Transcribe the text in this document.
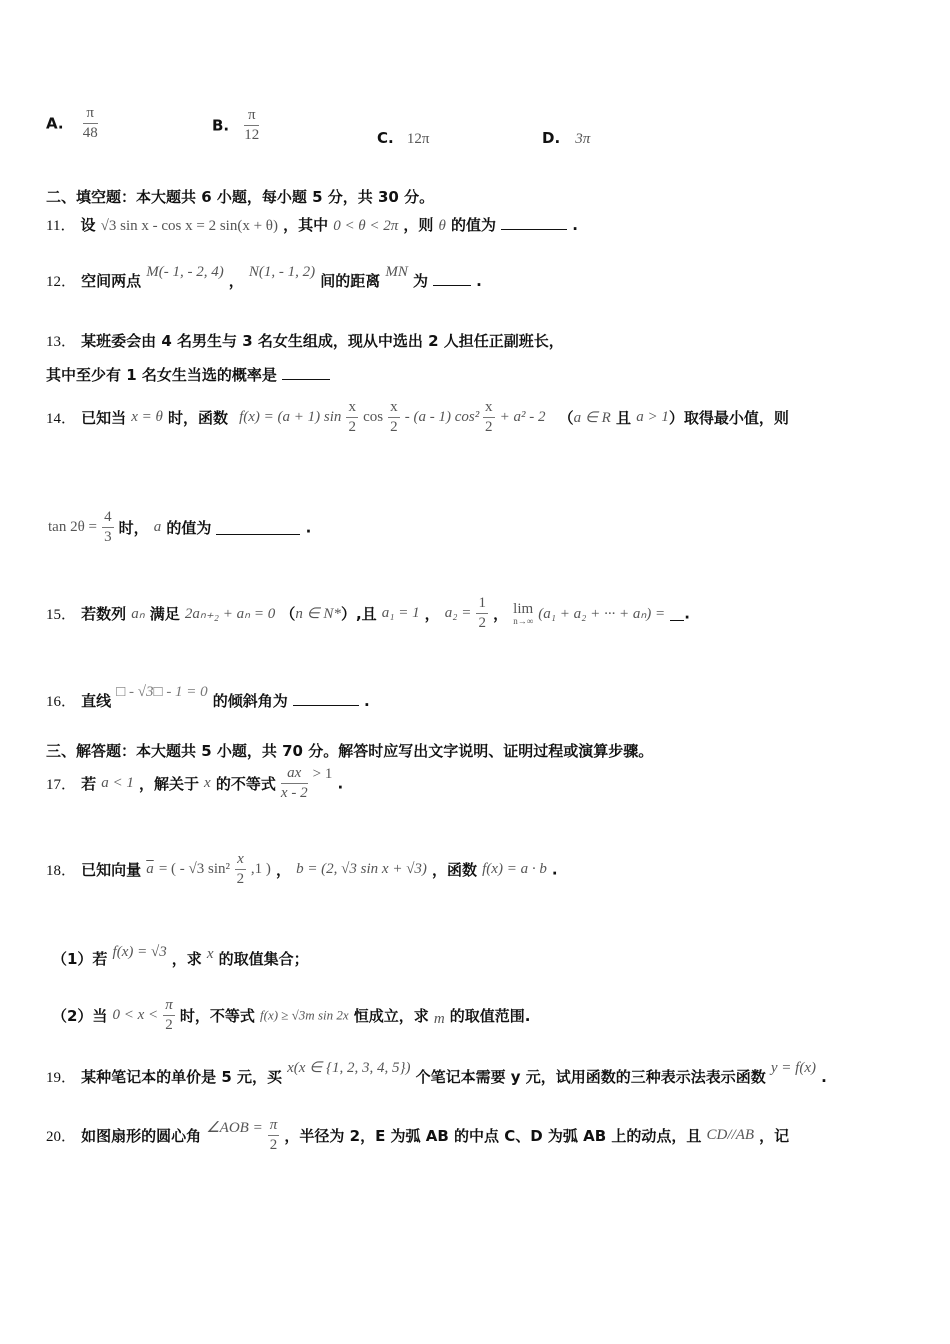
A. $\frac{\pi}{48}$	B. $\frac{\pi}{12}$	C. 12π	D. 3π
二、填空题：本大题共 6 小题，每小题 5 分，共 30 分。
11． 设 √3 sin x - cos x = 2 sin(x + θ) ，其中 0 < θ < 2π ，则 θ 的值为	.
12． 空间两点 M(- 1, - 2, 4) ， N(1, - 1, 2) 间的距离 MN 为	.
13． 某班委会由 4 名男生与 3 名女生组成，现从中选出 2 人担任正副班长，
其中至少有 1 名女生当选的概率是
14． 已知当 x = θ 时，函数 f(x) = (a + 1) $\sin \frac{x}{2}$ $\cos \frac{x}{2} - (a - 1)$ $\cos^2 \frac{x}{2} + a^2 - 2$ （a ∈ R 且 a > 1）取得最小值，则
$\tan 2\theta = \frac{4}{3}$ 时， a 的值为	.
15． 若数列 aₙ 满足 2aₙ₊₂ + aₙ = 0 （n ∈ N*）,且 a₁ = 1 ， $a_2 = \frac{1}{2}$ ， lim
n→∞ (a₁ + a₂ + ··· + aₙ) = .
16． 直线 □ - √3□ - 1 = 0 的倾斜角为	.
三、解答题：本大题共 5 小题，共 70 分。解答时应写出文字说明、证明过程或演算步骤。
17． 若 a < 1 ，解关于 x 的不等式 $\frac{ax}{x - 2} > 1$ .
18． 已知向量 $\overline{a}$ = ( - √3 $\sin^2 \frac{x}{2} ,1$ ) ， b = (2, √3 sin x + √3) ，函数 f(x) = a · b .
（1）若 f(x) = √3 ，求 x 的取值集合；
（2）当 $0 < x < \frac{\pi}{2}$ 时，不等式 f(x) ≥ √3m sin 2x 恒成立，求 m 的取值范围.
19． 某种笔记本的单价是 5 元，买 x(x ∈ {1, 2, 3, 4, 5}) 个笔记本需要 y 元，试用函数的三种表示法表示函数 y = f(x) .
20． 如图扇形的圆心角 ∠AOB = $\frac{\pi}{2}$ ，半径为 2，E 为弧 AB 的中点 C、D 为弧 AB 上的动点，且 CD//AB ，记
